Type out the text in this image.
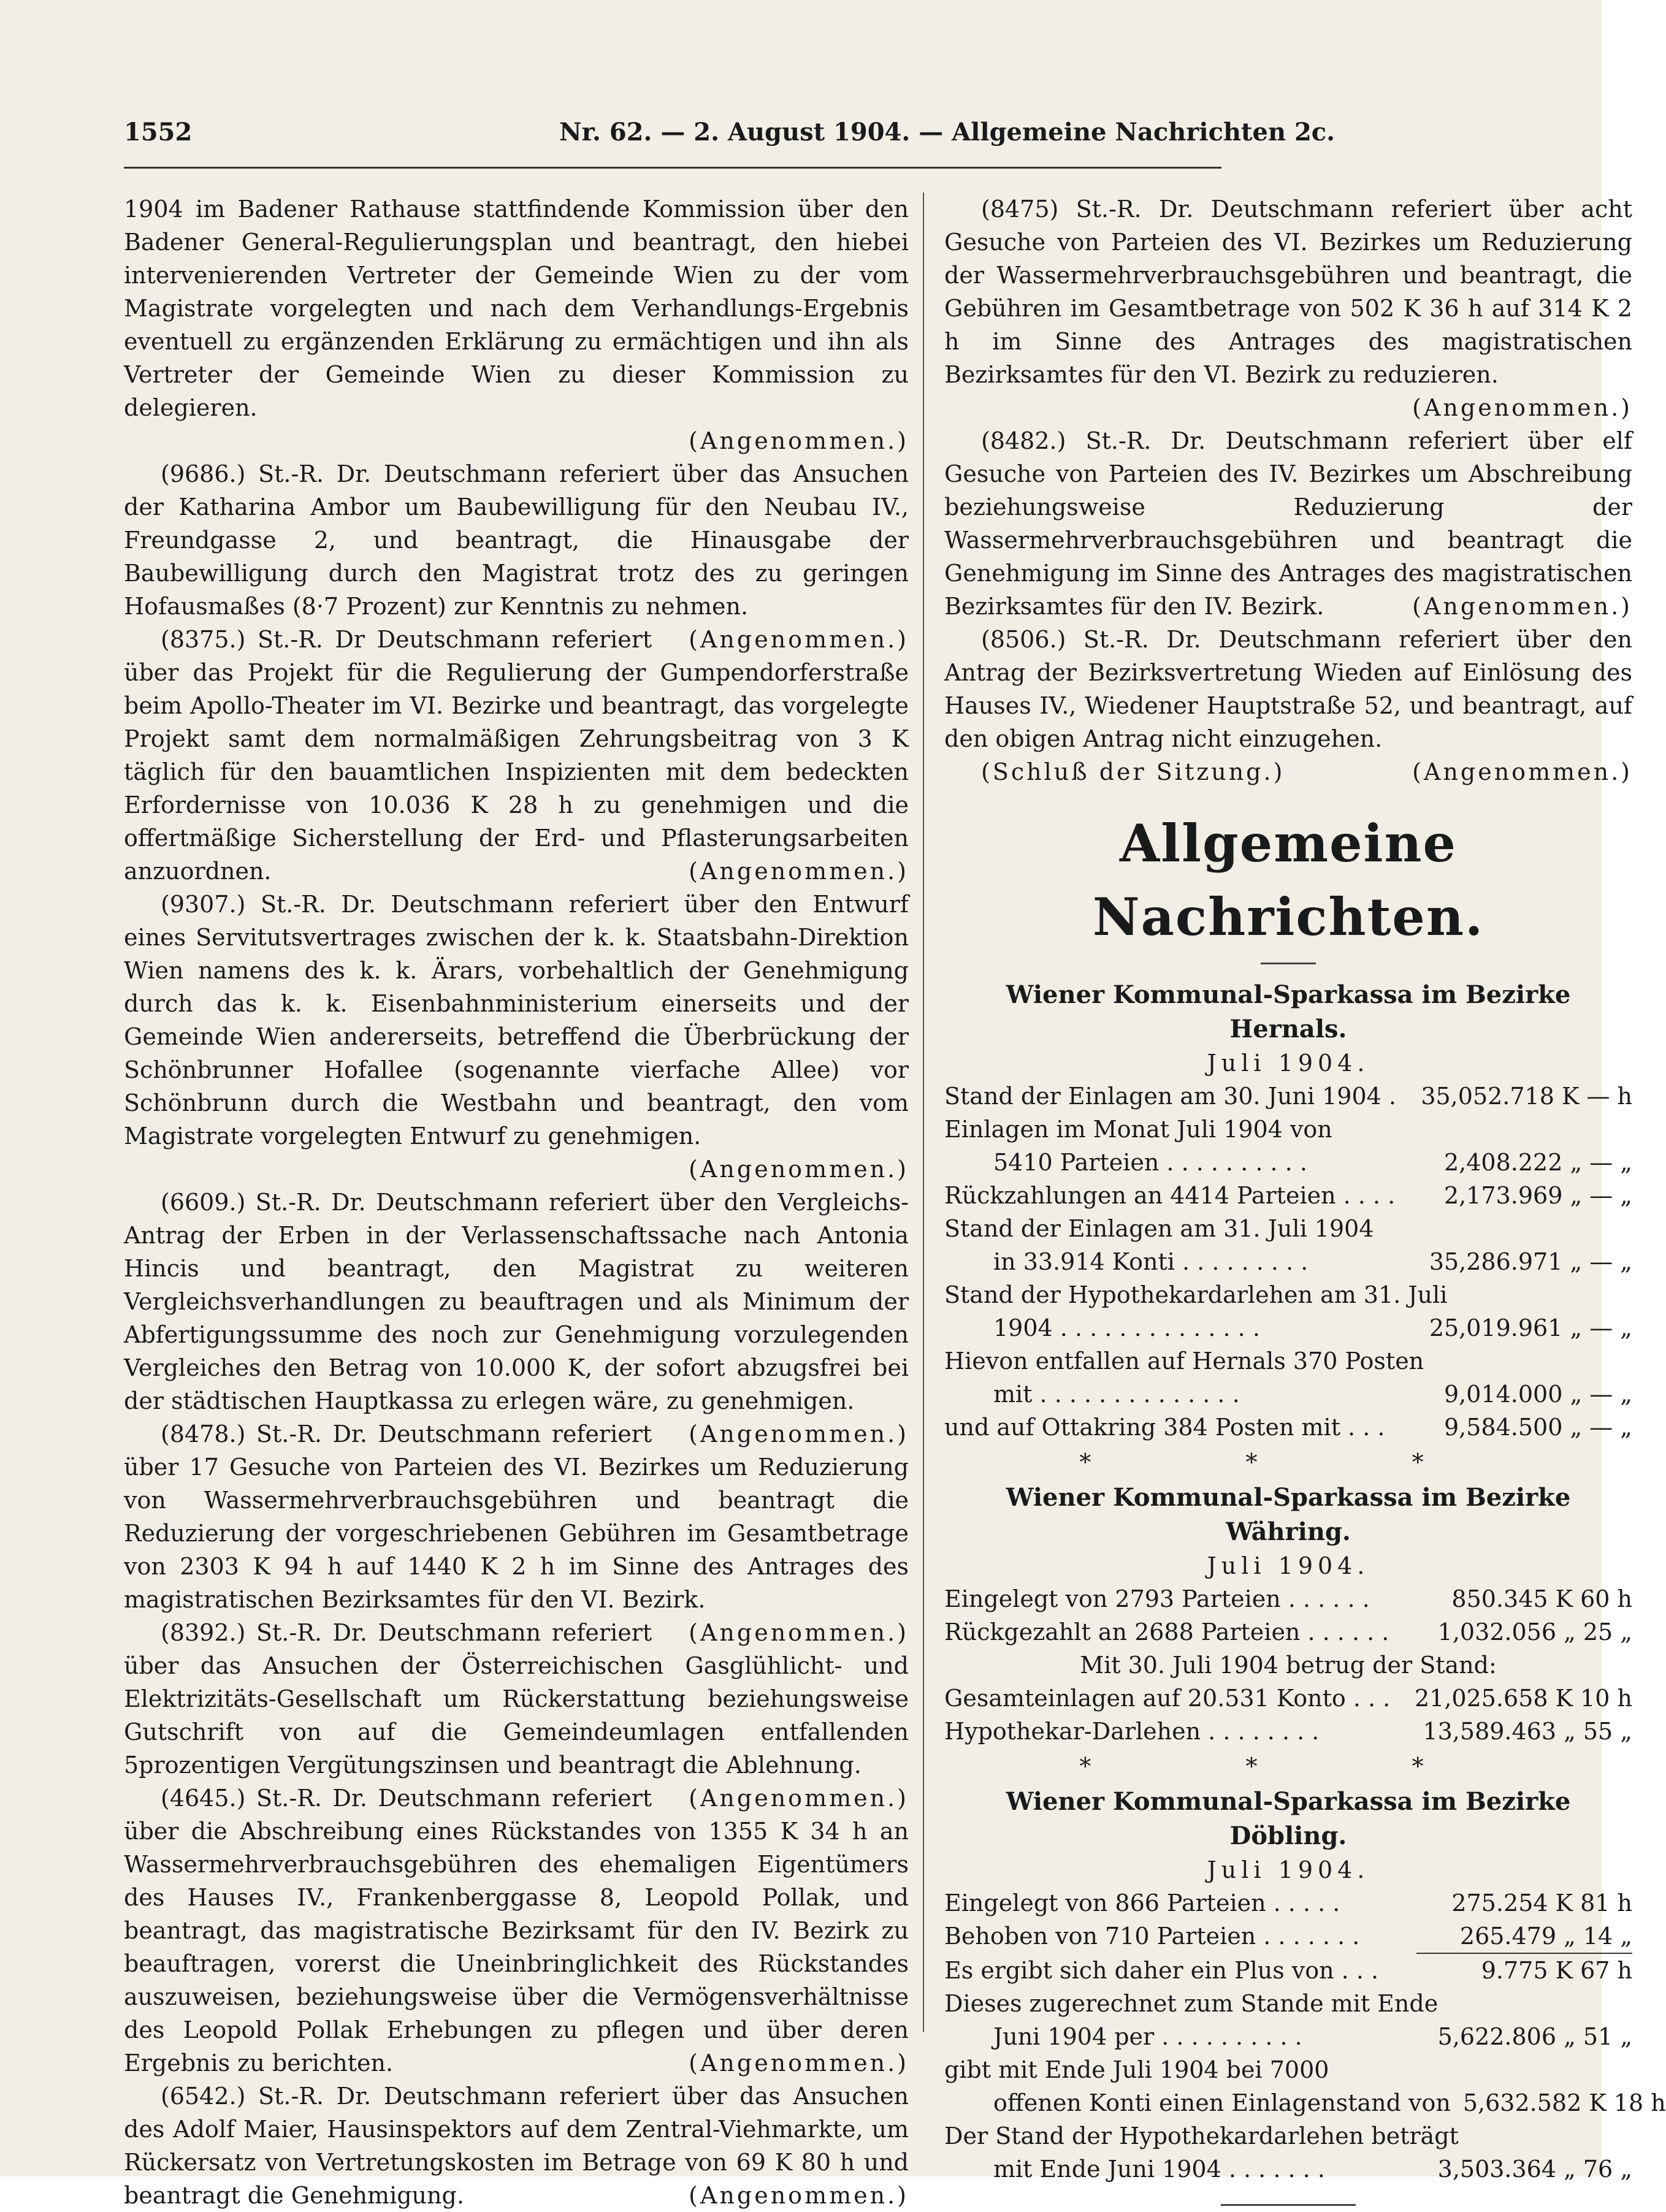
1552	Nr. 62. — 2. August 1904. — Allgemeine Nachrichten 2c.

1904 im Badener Rathause stattfindende Kommission über den Badener General-Regulierungsplan und beantragt, den hiebei intervenierenden Vertreter der Gemeinde Wien zu der vom Magistrate vorgelegten und nach dem Verhandlungs-Ergebnis eventuell zu ergänzenden Erklärung zu ermächtigen und ihn als Vertreter der Gemeinde Wien zu dieser Kommission zu delegieren.

(Angenommen.)

(9686.) St.-R. Dr. Deutschmann referiert über das Ansuchen der Katharina Ambor um Baubewilligung für den Neubau IV., Freundgasse 2, und beantragt, die Hinausgabe der Baubewilligung durch den Magistrat trotz des zu geringen Hofausmaßes (8·7 Prozent) zur Kenntnis zu nehmen.
(Angenommen.)

(8375.) St.-R. Dr Deutschmann referiert über das Projekt für die Regulierung der Gumpendorferstraße beim Apollo-Theater im VI. Bezirke und beantragt, das vorgelegte Projekt samt dem normalmäßigen Zehrungsbeitrag von 3 K täglich für den bauamtlichen Inspizienten mit dem bedeckten Erfordernisse von 10.036 K 28 h zu genehmigen und die offertmäßige Sicherstellung der Erd- und Pflasterungsarbeiten anzuordnen.	(Angenommen.)

(9307.) St.-R. Dr. Deutschmann referiert über den Entwurf eines Servitutsvertrages zwischen der k. k. Staatsbahn-Direktion Wien namens des k. k. Ärars, vorbehaltlich der Genehmigung durch das k. k. Eisenbahnministerium einerseits und der Gemeinde Wien andererseits, betreffend die Überbrückung der Schönbrunner Hofallee (sogenannte vierfache Allee) vor Schönbrunn durch die Westbahn und beantragt, den vom Magistrate vorgelegten Entwurf zu genehmigen.

(Angenommen.)

(6609.) St.-R. Dr. Deutschmann referiert über den Vergleichs-Antrag der Erben in der Verlassenschaftssache nach Antonia Hincis und beantragt, den Magistrat zu weiteren Vergleichsverhandlungen zu beauftragen und als Minimum der Abfertigungssumme des noch zur Genehmigung vorzulegenden Vergleiches den Betrag von 10.000 K, der sofort abzugsfrei bei der städtischen Hauptkassa zu erlegen wäre, zu genehmigen.
(Angenommen.)

(8478.) St.-R. Dr. Deutschmann referiert über 17 Gesuche von Parteien des VI. Bezirkes um Reduzierung von Wassermehrverbrauchsgebühren und beantragt die Reduzierung der vorgeschriebenen Gebühren im Gesamtbetrage von 2303 K 94 h auf 1440 K 2 h im Sinne des Antrages des magistratischen Bezirksamtes für den VI. Bezirk.
(Angenommen.)

(8392.) St.-R. Dr. Deutschmann referiert über das Ansuchen der Österreichischen Gasglühlicht- und Elektrizitäts-Gesellschaft um Rückerstattung beziehungsweise Gutschrift von auf die Gemeindeumlagen entfallenden 5prozentigen Vergütungszinsen und beantragt die Ablehnung.
(Angenommen.)

(4645.) St.-R. Dr. Deutschmann referiert über die Abschreibung eines Rückstandes von 1355 K 34 h an Wassermehrverbrauchsgebühren des ehemaligen Eigentümers des Hauses IV., Frankenberggasse 8, Leopold Pollak, und beantragt, das magistratische Bezirksamt für den IV. Bezirk zu beauftragen, vorerst die Uneinbringlichkeit des Rückstandes auszuweisen, beziehungsweise über die Vermögensverhältnisse des Leopold Pollak Erhebungen zu pflegen und über deren Ergebnis zu berichten.	(Angenommen.)

(6542.) St.-R. Dr. Deutschmann referiert über das Ansuchen des Adolf Maier, Hausinspektors auf dem Zentral-Viehmarkte, um Rückersatz von Vertretungskosten im Betrage von 69 K 80 h und beantragt die Genehmigung.	(Angenommen.)

(8475) St.-R. Dr. Deutschmann referiert über acht Gesuche von Parteien des VI. Bezirkes um Reduzierung der Wassermehrverbrauchsgebühren und beantragt, die Gebühren im Gesamtbetrage von 502 K 36 h auf 314 K 2 h im Sinne des Antrages des magistratischen Bezirksamtes für den VI. Bezirk zu reduzieren.

(Angenommen.)

(8482.) St.-R. Dr. Deutschmann referiert über elf Gesuche von Parteien des IV. Bezirkes um Abschreibung beziehungsweise Reduzierung der Wassermehrverbrauchsgebühren und beantragt die Genehmigung im Sinne des Antrages des magistratischen Bezirksamtes für den IV. Bezirk.	(Angenommen.)

(8506.) St.-R. Dr. Deutschmann referiert über den Antrag der Bezirksvertretung Wieden auf Einlösung des Hauses IV., Wiedener Hauptstraße 52, und beantragt, auf den obigen Antrag nicht einzugehen.
(Angenommen.)

(Schluß der Sitzung.)

Allgemeine Nachrichten.
Wiener Kommunal-Sparkassa im Bezirke Hernals.
Juli 1904.
Stand der Einlagen am 30. Juni 1904 .	35,052.718 K — h
Einlagen im Monat Juli 1904 von
5410 Parteien . . . . . . . . . .	2,408.222 „ — „
Rückzahlungen an 4414 Parteien . . . .	2,173.969 „ — „
Stand der Einlagen am 31. Juli 1904
in 33.914 Konti . . . . . . . . .	35,286.971 „ — „
Stand der Hypothekardarlehen am 31. Juli
1904 . . . . . . . . . . . . . .	25,019.961 „ — „
Hievon entfallen auf Hernals 370 Posten
mit . . . . . . . . . . . . . .	9,014.000 „ — „
und auf Ottakring 384 Posten mit . . .	9,584.500 „ — „
* * *
Wiener Kommunal-Sparkassa im Bezirke Währing.
Juli 1904.
Eingelegt von 2793 Parteien . . . . . .	850.345 K 60 h
Rückgezahlt an 2688 Parteien . . . . . .	1,032.056 „ 25 „
Mit 30. Juli 1904 betrug der Stand:
Gesamteinlagen auf 20.531 Konto . . .	21,025.658 K 10 h
Hypothekar-Darlehen . . . . . . . .	13,589.463 „ 55 „
* * *
Wiener Kommunal-Sparkassa im Bezirke Döbling.
Juli 1904.
Eingelegt von 866 Parteien . . . . .	275.254 K 81 h
Behoben von 710 Parteien . . . . . . .	265.479 „ 14 „
Es ergibt sich daher ein Plus von . . .	9.775 K 67 h
Dieses zugerechnet zum Stande mit Ende
Juni 1904 per . . . . . . . . . .	5,622.806 „ 51 „
gibt mit Ende Juli 1904 bei 7000
offenen Konti einen Einlagenstand von 5,632.582 K 18 h
Der Stand der Hypothekardarlehen beträgt
mit Ende Juni 1904 . . . . . . .	3,503.364 „ 76 „
